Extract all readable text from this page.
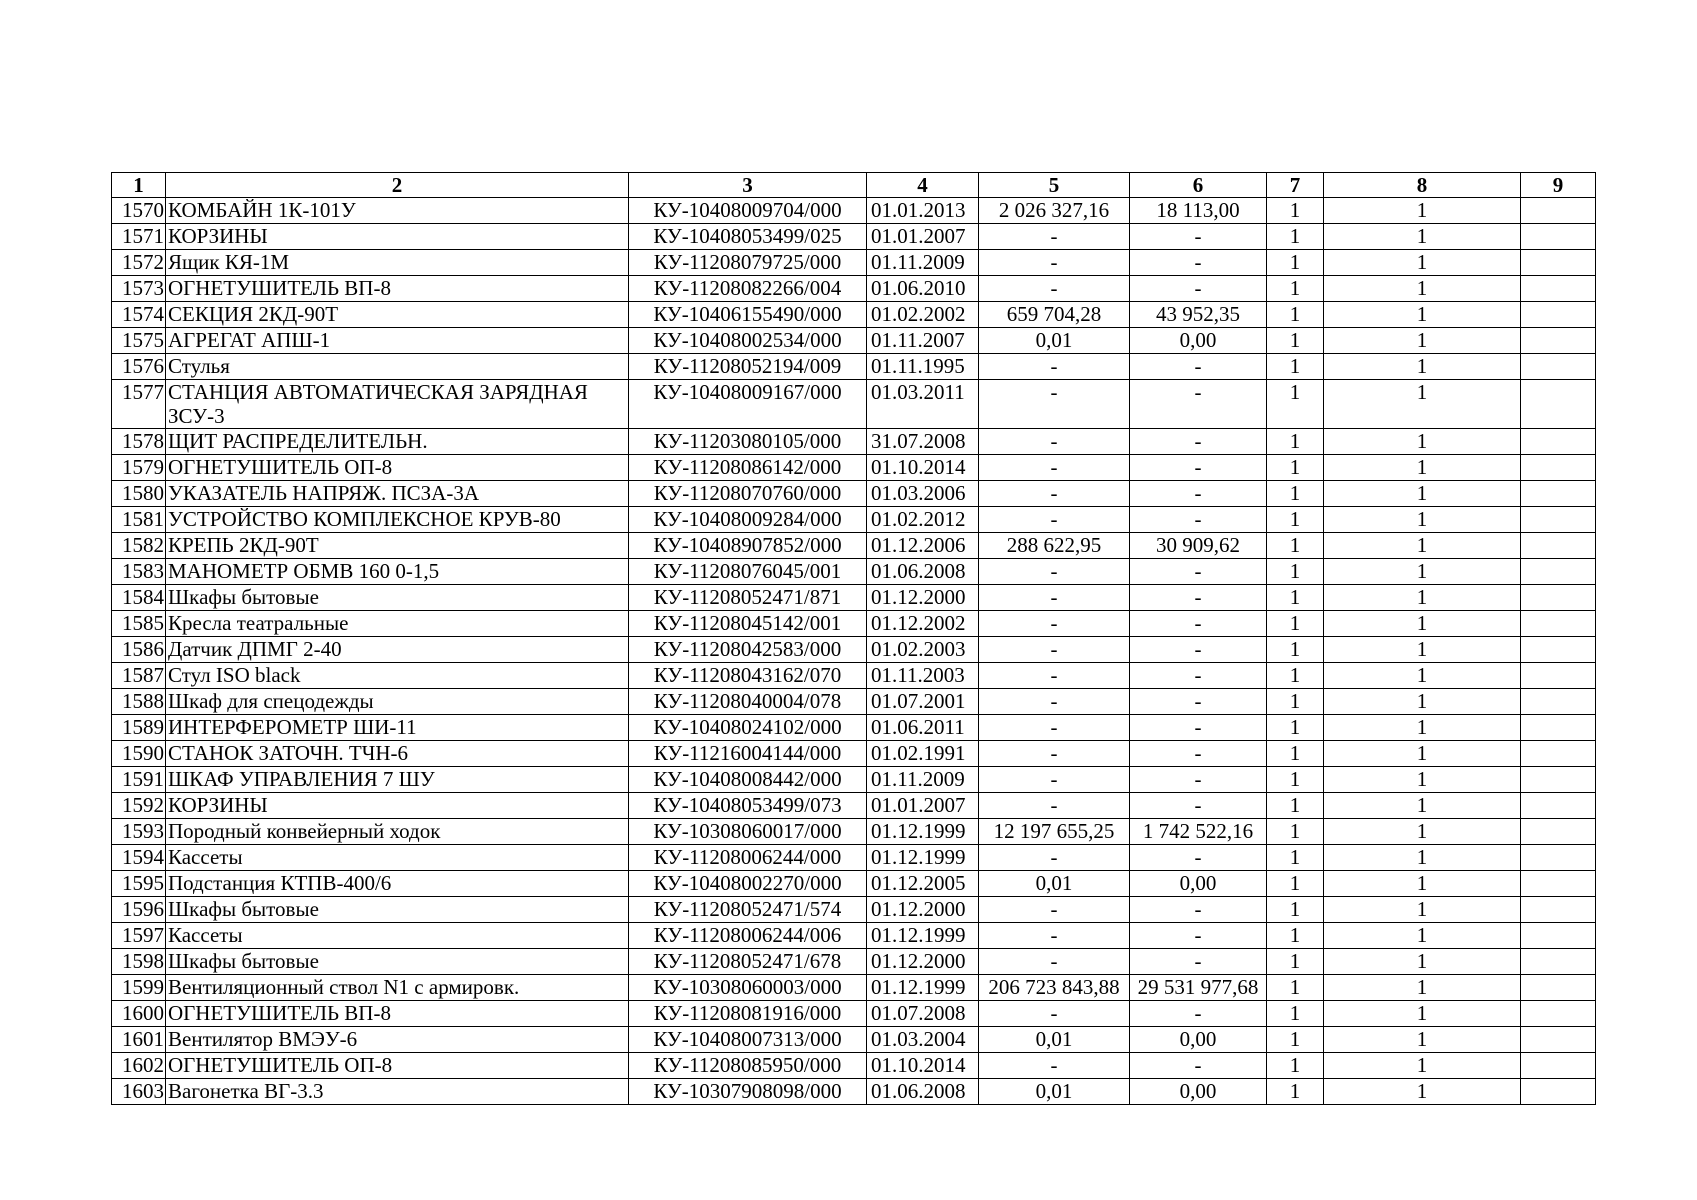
1	2	3	4	5	6	7	8	9
1570	КОМБАЙН 1К-101У	КУ-10408009704/000	01.01.2013	2 026 327,16	18 113,00	1	1	
1571	КОРЗИНЫ	КУ-10408053499/025	01.01.2007	-	-	1	1	
1572	Ящик КЯ-1М	КУ-11208079725/000	01.11.2009	-	-	1	1	
1573	ОГНЕТУШИТЕЛЬ ВП-8	КУ-11208082266/004	01.06.2010	-	-	1	1	
1574	СЕКЦИЯ 2КД-90Т	КУ-10406155490/000	01.02.2002	659 704,28	43 952,35	1	1	
1575	АГРЕГАТ АПШ-1	КУ-10408002534/000	01.11.2007	0,01	0,00	1	1	
1576	Стулья	КУ-11208052194/009	01.11.1995	-	-	1	1	
1577	СТАНЦИЯ АВТОМАТИЧЕСКАЯ ЗАРЯДНАЯ ЗСУ-3	КУ-10408009167/000	01.03.2011	-	-	1	1	
1578	ЩИТ РАСПРЕДЕЛИТЕЛЬН.	КУ-11203080105/000	31.07.2008	-	-	1	1	
1579	ОГНЕТУШИТЕЛЬ ОП-8	КУ-11208086142/000	01.10.2014	-	-	1	1	
1580	УКАЗАТЕЛЬ НАПРЯЖ. ПСЗА-3А	КУ-11208070760/000	01.03.2006	-	-	1	1	
1581	УСТРОЙСТВО КОМПЛЕКСНОЕ КРУВ-80	КУ-10408009284/000	01.02.2012	-	-	1	1	
1582	КРЕПЬ 2КД-90Т	КУ-10408907852/000	01.12.2006	288 622,95	30 909,62	1	1	
1583	МАНОМЕТР ОБМВ 160 0-1,5	КУ-11208076045/001	01.06.2008	-	-	1	1	
1584	Шкафы бытовые	КУ-11208052471/871	01.12.2000	-	-	1	1	
1585	Кресла театральные	КУ-11208045142/001	01.12.2002	-	-	1	1	
1586	Датчик ДПМГ 2-40	КУ-11208042583/000	01.02.2003	-	-	1	1	
1587	Стул ISO black	КУ-11208043162/070	01.11.2003	-	-	1	1	
1588	Шкаф для спецодежды	КУ-11208040004/078	01.07.2001	-	-	1	1	
1589	ИНТЕРФЕРОМЕТР ШИ-11	КУ-10408024102/000	01.06.2011	-	-	1	1	
1590	СТАНОК ЗАТОЧН. ТЧН-6	КУ-11216004144/000	01.02.1991	-	-	1	1	
1591	ШКАФ УПРАВЛЕНИЯ 7 ШУ	КУ-10408008442/000	01.11.2009	-	-	1	1	
1592	КОРЗИНЫ	КУ-10408053499/073	01.01.2007	-	-	1	1	
1593	Породный конвейерный ходок	КУ-10308060017/000	01.12.1999	12 197 655,25	1 742 522,16	1	1	
1594	Кассеты	КУ-11208006244/000	01.12.1999	-	-	1	1	
1595	Подстанция КТПВ-400/6	КУ-10408002270/000	01.12.2005	0,01	0,00	1	1	
1596	Шкафы бытовые	КУ-11208052471/574	01.12.2000	-	-	1	1	
1597	Кассеты	КУ-11208006244/006	01.12.1999	-	-	1	1	
1598	Шкафы бытовые	КУ-11208052471/678	01.12.2000	-	-	1	1	
1599	Вентиляционный ствол N1 с армировк.	КУ-10308060003/000	01.12.1999	206 723 843,88	29 531 977,68	1	1	
1600	ОГНЕТУШИТЕЛЬ ВП-8	КУ-11208081916/000	01.07.2008	-	-	1	1	
1601	Вентилятор ВМЭУ-6	КУ-10408007313/000	01.03.2004	0,01	0,00	1	1	
1602	ОГНЕТУШИТЕЛЬ ОП-8	КУ-11208085950/000	01.10.2014	-	-	1	1	
1603	Вагонетка ВГ-3.3	КУ-10307908098/000	01.06.2008	0,01	0,00	1	1	
